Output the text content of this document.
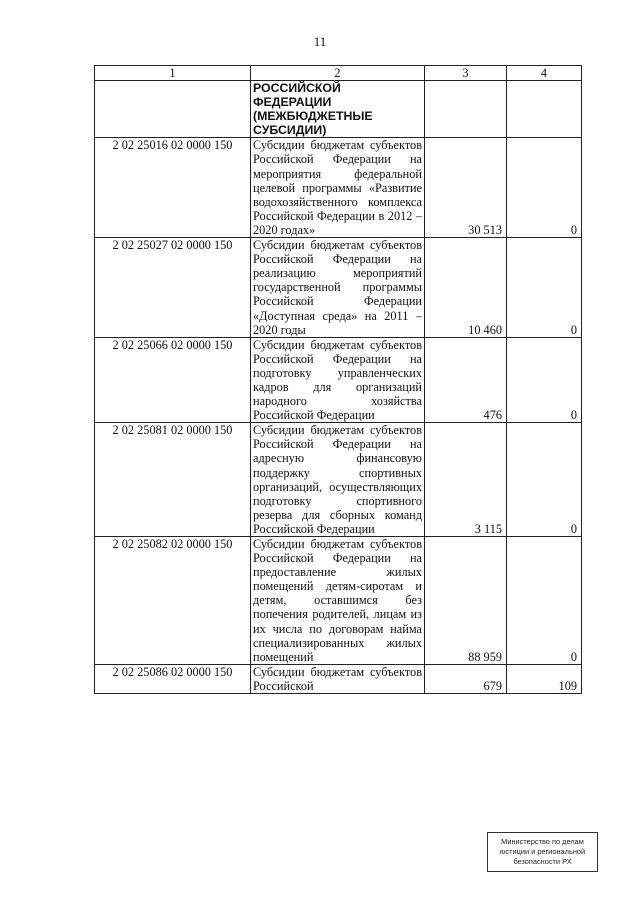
11
1	2	3	4
	РОССИЙСКОЙ ФЕДЕРАЦИИ (МЕЖБЮДЖЕТНЫЕ СУБСИДИИ)		
2 02 25016 02 0000 150	Субсидии бюджетам субъектов Российской Федерации на мероприятия федеральной целевой программы «Развитие водохозяйственного комплекса Российской Федерации в 2012 – 2020 годах»	30 513	0
2 02 25027 02 0000 150	Субсидии бюджетам субъектов Российской Федерации на реализацию мероприятий государственной программы Российской Федерации «Доступная среда» на 2011 – 2020 годы	10 460	0
2 02 25066 02 0000 150	Субсидии бюджетам субъектов Российской Федерации на подготовку управленческих кадров для организаций народного хозяйства Российской Федерации	476	0
2 02 25081 02 0000 150	Субсидии бюджетам субъектов Российской Федерации на адресную финансовую поддержку спортивных организаций, осуществляющих подготовку спортивного резерва для сборных команд Российской Федерации	3 115	0
2 02 25082 02 0000 150	Субсидии бюджетам субъектов Российской Федерации на предоставление жилых помещений детям-сиротам и детям, оставшимся без попечения родителей, лицам из их числа по договорам найма специализированных жилых помещений	88 959	0
2 02 25086 02 0000 150	Субсидии бюджетам субъектов Российской	679	109
Министерство по делам
юстиции и региональной
безопасности РХ
